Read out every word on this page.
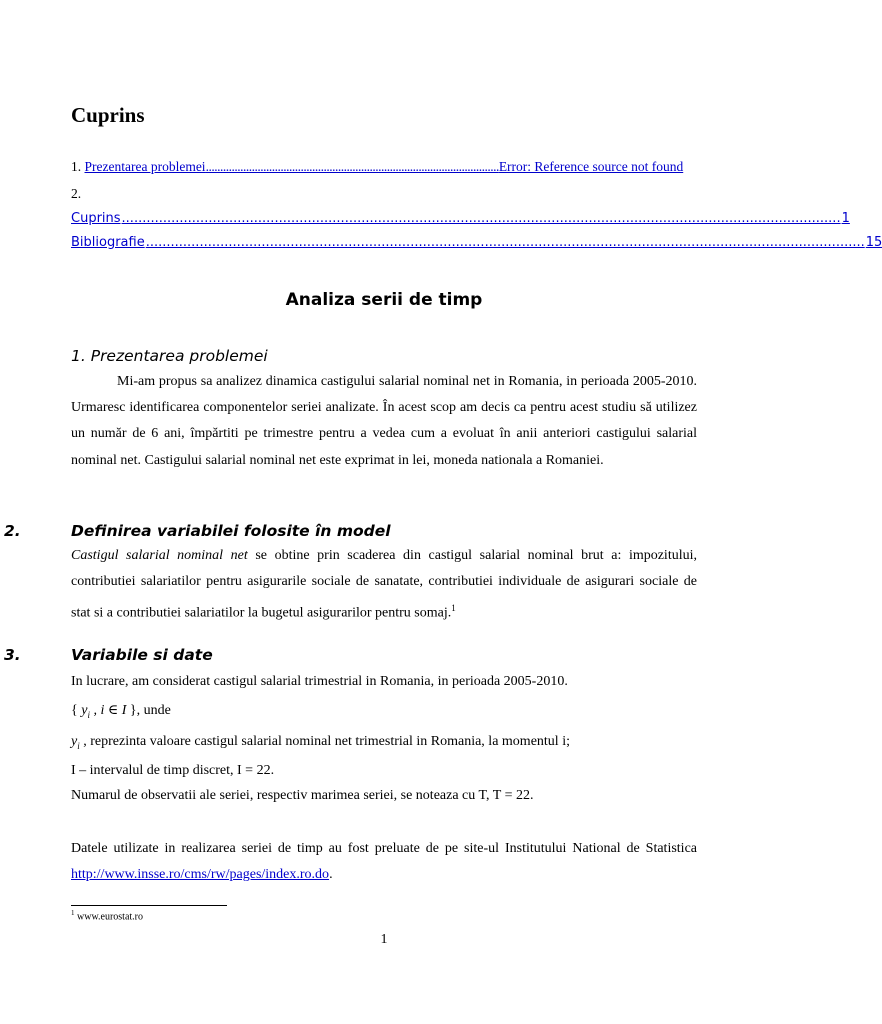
Cuprins
1. Prezentarea problemei......................................................................................................Error: Reference source not found
2.
Cuprins .............................................................................................................................................................................. 1
Bibliografie .............................................................................................................................................................................. 15
Analiza serii de timp
1. Prezentarea problemei
Mi-am propus sa analizez dinamica castigului salarial nominal net in Romania, in perioada 2005-2010. Urmaresc identificarea componentelor seriei analizate. În acest scop am decis ca pentru acest studiu să utilizez un număr de 6 ani, împărtiti pe trimestre pentru a vedea cum a evoluat în anii anteriori castigului salarial nominal net. Castigului salarial nominal net este exprimat in lei, moneda nationala a Romaniei.
2.	Definirea variabilei folosite în model
Castigul salarial nominal net se obtine prin scaderea din castigul salarial nominal brut a: impozitului, contributiei salariatilor pentru asigurarile sociale de sanatate, contributiei individuale de asigurari sociale de stat si a contributiei salariatilor la bugetul asigurarilor pentru somaj.$^1$
3.	Variabile si date
In lucrare, am considerat castigul salarial trimestrial in Romania, in perioada 2005-2010.
{ $y_i$ , i ∈ I }, unde
$y_i$ , reprezinta valoare castigul salarial nominal net trimestrial in Romania, la momentul i;
I – intervalul de timp discret, I = 22.
Numarul de observatii ale seriei, respectiv marimea seriei, se noteaza cu T, T = 22.
Datele utilizate in realizarea seriei de timp au fost preluate de pe site-ul Institutului National de Statistica http://www.insse.ro/cms/rw/pages/index.ro.do.
$^1$ www.eurostat.ro
1
